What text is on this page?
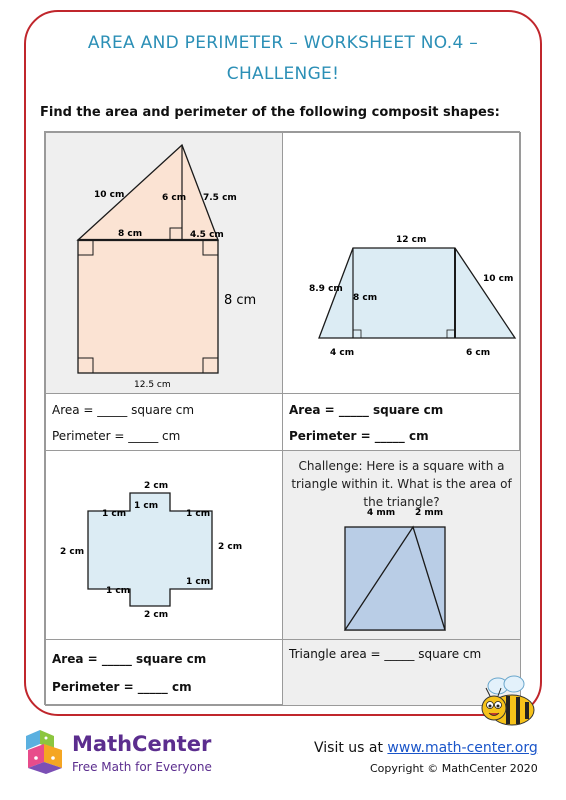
AREA AND PERIMETER – WORKSHEET NO.4 – CHALLENGE!
Find the area and perimeter of the following composit shapes:
10 cm	6 cm 7.5 cm
8 cm	4.5 cm
8 cm
12.5 cm
12 cm
8.9 cm
8 cm
10 cm
4 cm	6 cm
Area = _____ square cm
Perimeter = _____ cm
Area = _____ square cm
Perimeter = _____ cm
2 cm
1 cm
1 cm
1 cm
2 cm	2 cm
1 cm
1 cm
2 cm
Challenge: Here is a square with a triangle within it. What is the area of the triangle?
4 mm 2 mm
Area = _____ square cm
Perimeter = _____ cm
Triangle area = _____ square cm
MathCenter
Free Math for Everyone
Visit us at www.math-center.org
Copyright © MathCenter 2020
